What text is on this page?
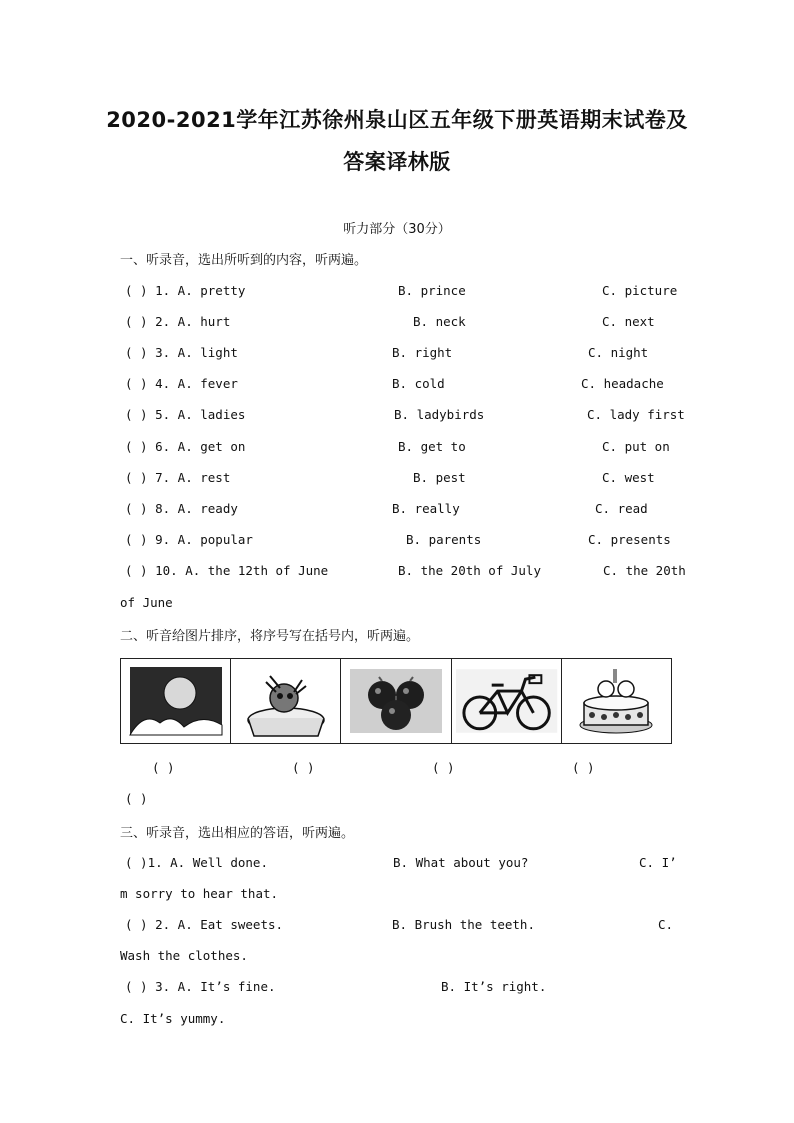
2020-2021学年江苏徐州泉山区五年级下册英语期末试卷及
答案译林版
听力部分（30分）
一、听录音，选出所听到的内容，听两遍。
( ) 1. A. pretty	B. prince	C. picture
( ) 2. A. hurt	B. neck	C. next
( ) 3. A. light	B. right	C. night
( ) 4. A. fever	B. cold	C. headache
( ) 5. A. ladies	B. ladybirds	C. lady first
( ) 6. A. get on	B. get to	C. put on
( ) 7. A. rest	B. pest	C. west
( ) 8. A. ready	B. really	C. read
( ) 9. A. popular	B. parents	C. presents
( ) 10. A. the 12th of June	B. the 20th of July	C. the 20th
of June
二、听音给图片排序，将序号写在括号内，听两遍。
( )	( )	( )	( )
( )
三、听录音，选出相应的答语，听两遍。
( )1. A. Well done.	B. What about you?	C. I’
m sorry to hear that.
( ) 2. A. Eat sweets.	B. Brush the teeth.	C.
Wash the clothes.
( ) 3. A. It’s fine.	B. It’s right.
C. It’s yummy.
